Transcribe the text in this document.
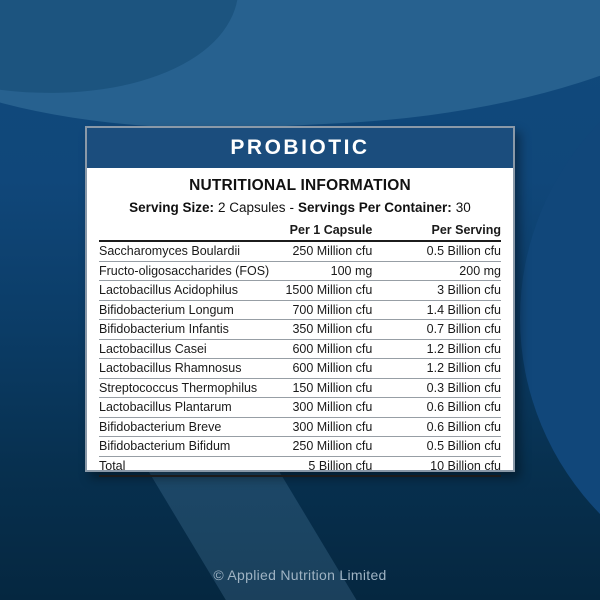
PROBIOTIC
NUTRITIONAL INFORMATION
Serving Size: 2 Capsules - Servings Per Container: 30
	Per 1 Capsule	Per Serving
Saccharomyces Boulardii	250 Million cfu	0.5 Billion cfu
Fructo-oligosaccharides (FOS)	100 mg	200 mg
Lactobacillus Acidophilus	1500 Million cfu	3 Billion cfu
Bifidobacterium Longum	700 Million cfu	1.4 Billion cfu
Bifidobacterium Infantis	350 Million cfu	0.7 Billion cfu
Lactobacillus Casei	600 Million cfu	1.2 Billion cfu
Lactobacillus Rhamnosus	600 Million cfu	1.2 Billion cfu
Streptococcus Thermophilus	150 Million cfu	0.3 Billion cfu
Lactobacillus Plantarum	300 Million cfu	0.6 Billion cfu
Bifidobacterium Breve	300 Million cfu	0.6 Billion cfu
Bifidobacterium Bifidum	250 Million cfu	0.5 Billion cfu
Total	5 Billion cfu	10 Billion cfu
© Applied Nutrition Limited
